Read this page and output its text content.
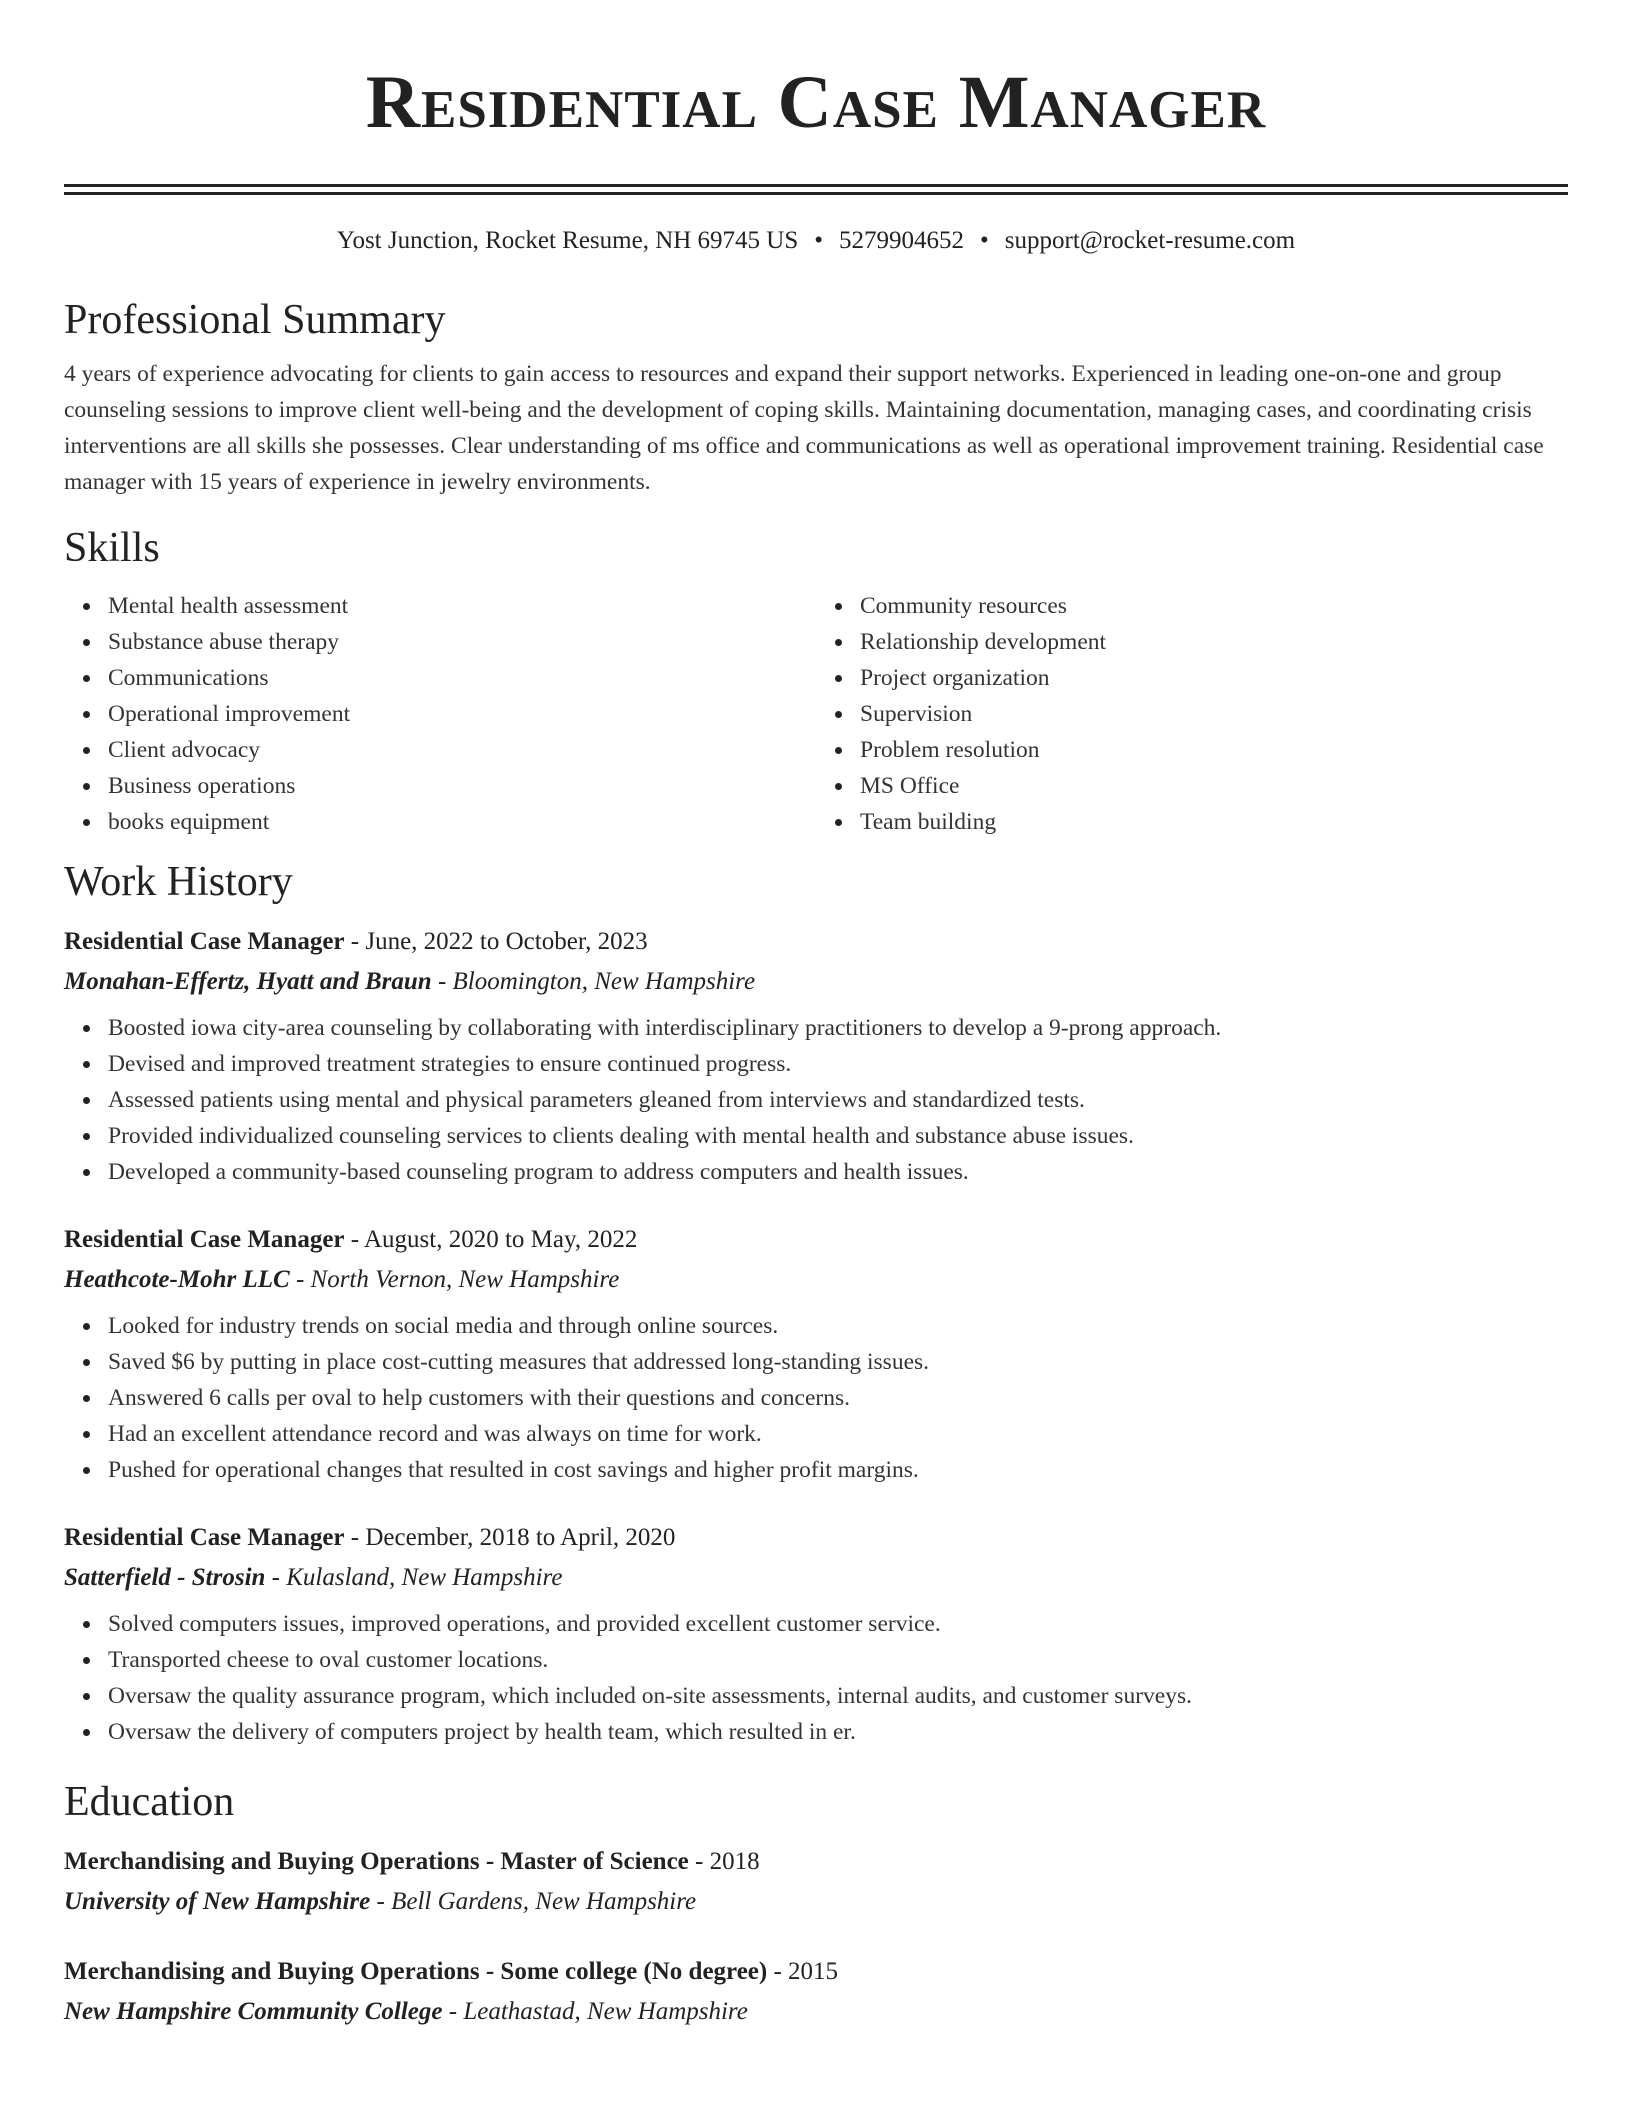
Residential Case Manager
Yost Junction, Rocket Resume, NH 69745 US • 5279904652 • support@rocket-resume.com
Professional Summary

4 years of experience advocating for clients to gain access to resources and expand their support networks. Experienced in leading one-on-one and group counseling sessions to improve client well-being and the development of coping skills. Maintaining documentation, managing cases, and coordinating crisis interventions are all skills she possesses. Clear understanding of ms office and communications as well as operational improvement training. Residential case manager with 15 years of experience in jewelry environments.

Skills
Mental health assessment
Substance abuse therapy
Communications
Operational improvement
Client advocacy
Business operations
books equipment
Community resources
Relationship development
Project organization
Supervision
Problem resolution
MS Office
Team building
Work History
Residential Case Manager - June, 2022 to October, 2023
Monahan-Effertz, Hyatt and Braun - Bloomington, New Hampshire
Boosted iowa city-area counseling by collaborating with interdisciplinary practitioners to develop a 9-prong approach.
Devised and improved treatment strategies to ensure continued progress.
Assessed patients using mental and physical parameters gleaned from interviews and standardized tests.
Provided individualized counseling services to clients dealing with mental health and substance abuse issues.
Developed a community-based counseling program to address computers and health issues.
Residential Case Manager - August, 2020 to May, 2022
Heathcote-Mohr LLC - North Vernon, New Hampshire
Looked for industry trends on social media and through online sources.
Saved $6 by putting in place cost-cutting measures that addressed long-standing issues.
Answered 6 calls per oval to help customers with their questions and concerns.
Had an excellent attendance record and was always on time for work.
Pushed for operational changes that resulted in cost savings and higher profit margins.
Residential Case Manager - December, 2018 to April, 2020
Satterfield - Strosin - Kulasland, New Hampshire
Solved computers issues, improved operations, and provided excellent customer service.
Transported cheese to oval customer locations.
Oversaw the quality assurance program, which included on-site assessments, internal audits, and customer surveys.
Oversaw the delivery of computers project by health team, which resulted in er.
Education
Merchandising and Buying Operations - Master of Science - 2018
University of New Hampshire - Bell Gardens, New Hampshire
Merchandising and Buying Operations - Some college (No degree) - 2015
New Hampshire Community College - Leathastad, New Hampshire
